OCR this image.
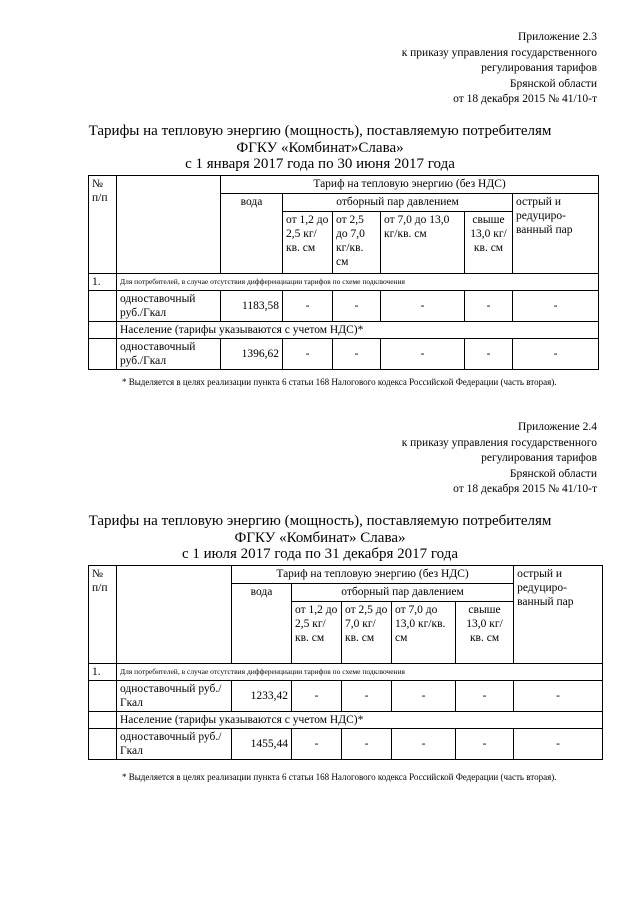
Приложение 2.3
к приказу управления государственного
регулирования тарифов
Брянской области
от 18 декабря 2015 № 41/10-т
Тарифы на тепловую энергию (мощность), поставляемую потребителям
ФГКУ «Комбинат»Слава»
с 1 января 2017 года по 30 июня 2017 года
№ п/п		Тариф на тепловую энергию (без НДС)					
		вода	отборный пар давлением				острый и редуциро-ванный пар
			от 1,2 до 2,5 кг/кв. см	от 2,5 до 7,0 кг/кв. см	от 7,0 до 13,0 кг/кв. см	свыше 13,0 кг/ кв. см	
1.	Для потребителей, в случае отсутствия дифференциации тарифов по схеме подключения						
	одноставочный руб./Гкал	1183,58	-	-	-	-	-
	Население (тарифы указываются с учетом НДС)*						
	одноставочный руб./Гкал	1396,62	-	-	-	-	-
* Выделяется в целях реализации пункта 6 статьи 168 Налогового кодекса Российской Федерации (часть вторая).
Приложение 2.4
к приказу управления государственного
регулирования тарифов
Брянской области
от 18 декабря 2015 № 41/10-т
Тарифы на тепловую энергию (мощность), поставляемую потребителям
ФГКУ «Комбинат» Слава»
с 1 июля 2017 года по 31 декабря 2017 года
№ п/п		Тариф на тепловую энергию (без НДС)					острый и редуциро-ванный пар
		вода	отборный пар давлением				
			от 1,2 до 2,5 кг/кв. см	от 2,5 до 7,0 кг/кв. см	от 7,0 до 13,0 кг/кв. см	свыше 13,0 кг/ кв. см	
1.	Для потребителей, в случае отсутствия дифференциации тарифов по схеме подключения						
	одноставочный руб./Гкал	1233,42	-	-	-	-	-
	Население (тарифы указываются с учетом НДС)*						
	одноставочный руб./Гкал	1455,44	-	-	-	-	-
* Выделяется в целях реализации пункта 6 статьи 168 Налогового кодекса Российской Федерации (часть вторая).
